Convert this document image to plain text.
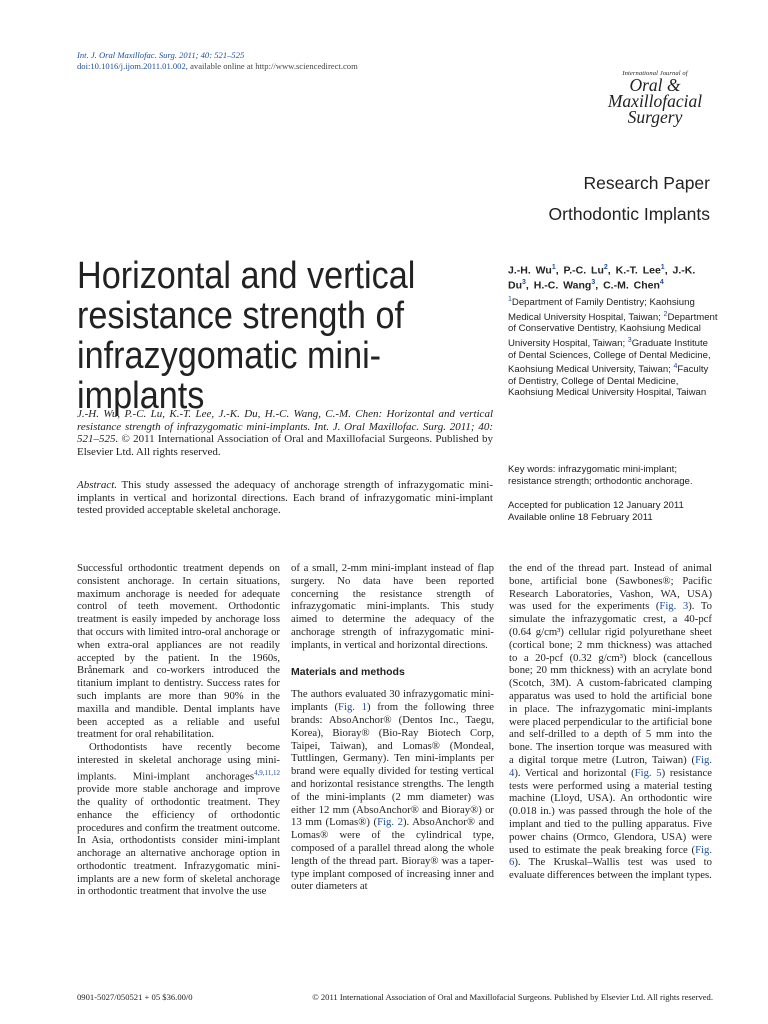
Int. J. Oral Maxillofac. Surg. 2011; 40: 521–525
doi:10.1016/j.ijom.2011.01.002, available online at http://www.sciencedirect.com
International Journal of
Oral &
Maxillofacial
Surgery
Research Paper
Orthodontic Implants
Horizontal and vertical
resistance strength of
infrazygomatic mini-implants
J.-H. Wu$^1$, P.-C. Lu$^2$, K.-T. Lee$^1$, J.-K. Du$^3$, H.-C. Wang$^3$, C.-M. Chen$^4$
$^1$Department of Family Dentistry; Kaohsiung Medical University Hospital, Taiwan; $^2$Department of Conservative Dentistry, Kaohsiung Medical University Hospital, Taiwan; $^3$Graduate Institute of Dental Sciences, College of Dental Medicine, Kaohsiung Medical University, Taiwan; $^4$Faculty of Dentistry, College of Dental Medicine, Kaohsiung Medical University Hospital, Taiwan
J.-H. Wu, P.-C. Lu, K.-T. Lee, J.-K. Du, H.-C. Wang, C.-M. Chen: Horizontal and vertical resistance strength of infrazygomatic mini-implants. Int. J. Oral Maxillofac. Surg. 2011; 40: 521–525. © 2011 International Association of Oral and Maxillofacial Surgeons. Published by Elsevier Ltd. All rights reserved.
Abstract. This study assessed the adequacy of anchorage strength of infrazygomatic mini-implants in vertical and horizontal directions. Each brand of infrazygomatic mini-implant tested provided acceptable skeletal anchorage.
Key words: infrazygomatic mini-implant; resistance strength; orthodontic anchorage.
Accepted for publication 12 January 2011
Available online 18 February 2011

Successful orthodontic treatment depends on consistent anchorage. In certain situations, maximum anchorage is needed for adequate control of teeth movement. Orthodontic treatment is easily impeded by anchorage loss that occurs with limited intro-oral anchorage or when extra-oral appliances are not readily accepted by the patient. In the 1960s, Brånemark and co-workers introduced the titanium implant to dentistry. Success rates for such implants are more than 90% in the maxilla and mandible. Dental implants have been accepted as a reliable and useful treatment for oral rehabilitation.

Orthodontists have recently become interested in skeletal anchorage using mini-implants. Mini-implant anchorages$^{4,9,11,12}$ provide more stable anchorage and improve the quality of orthodontic treatment. They enhance the efficiency of orthodontic procedures and confirm the treatment outcome. In Asia, orthodontists consider mini-implant anchorage an alternative anchorage option in orthodontic treatment. Infrazygomatic mini-implants are a new form of skeletal anchorage in orthodontic treatment that involve the use

of a small, 2-mm mini-implant instead of flap surgery. No data have been reported concerning the resistance strength of infrazygomatic mini-implants. This study aimed to determine the adequacy of the anchorage strength of infrazygomatic mini-implants, in vertical and horizontal directions.

Materials and methods

The authors evaluated 30 infrazygomatic mini-implants (Fig. 1) from the following three brands: AbsoAnchor® (Dentos Inc., Taegu, Korea), Bioray® (Bio-Ray Biotech Corp, Taipei, Taiwan), and Lomas® (Mondeal, Tuttlingen, Germany). Ten mini-implants per brand were equally divided for testing vertical and horizontal resistance strengths. The length of the mini-implants (2 mm diameter) was either 12 mm (AbsoAnchor® and Bioray®) or 13 mm (Lomas®) (Fig. 2). AbsoAnchor® and Lomas® were of the cylindrical type, composed of a parallel thread along the whole length of the thread part. Bioray® was a taper-type implant composed of increasing inner and outer diameters at

the end of the thread part. Instead of animal bone, artificial bone (Sawbones®; Pacific Research Laboratories, Vashon, WA, USA) was used for the experiments (Fig. 3). To simulate the infrazygomatic crest, a 40-pcf (0.64 g/cm³) cellular rigid polyurethane sheet (cortical bone; 2 mm thickness) was attached to a 20-pcf (0.32 g/cm³) block (cancellous bone; 20 mm thickness) with an acrylate bond (Scotch, 3M). A custom-fabricated clamping apparatus was used to hold the artificial bone in place. The infrazygomatic mini-implants were placed perpendicular to the artificial bone and self-drilled to a depth of 5 mm into the bone. The insertion torque was measured with a digital torque metre (Lutron, Taiwan) (Fig. 4). Vertical and horizontal (Fig. 5) resistance tests were performed using a material testing machine (Lloyd, USA). An orthodontic wire (0.018 in.) was passed through the hole of the implant and tied to the pulling apparatus. Five power chains (Ormco, Glendora, USA) were used to estimate the peak breaking force (Fig. 6). The Kruskal–Wallis test was used to evaluate differences between the implant types.

0901-5027/050521 + 05 $36.00/0	© 2011 International Association of Oral and Maxillofacial Surgeons. Published by Elsevier Ltd. All rights reserved.
